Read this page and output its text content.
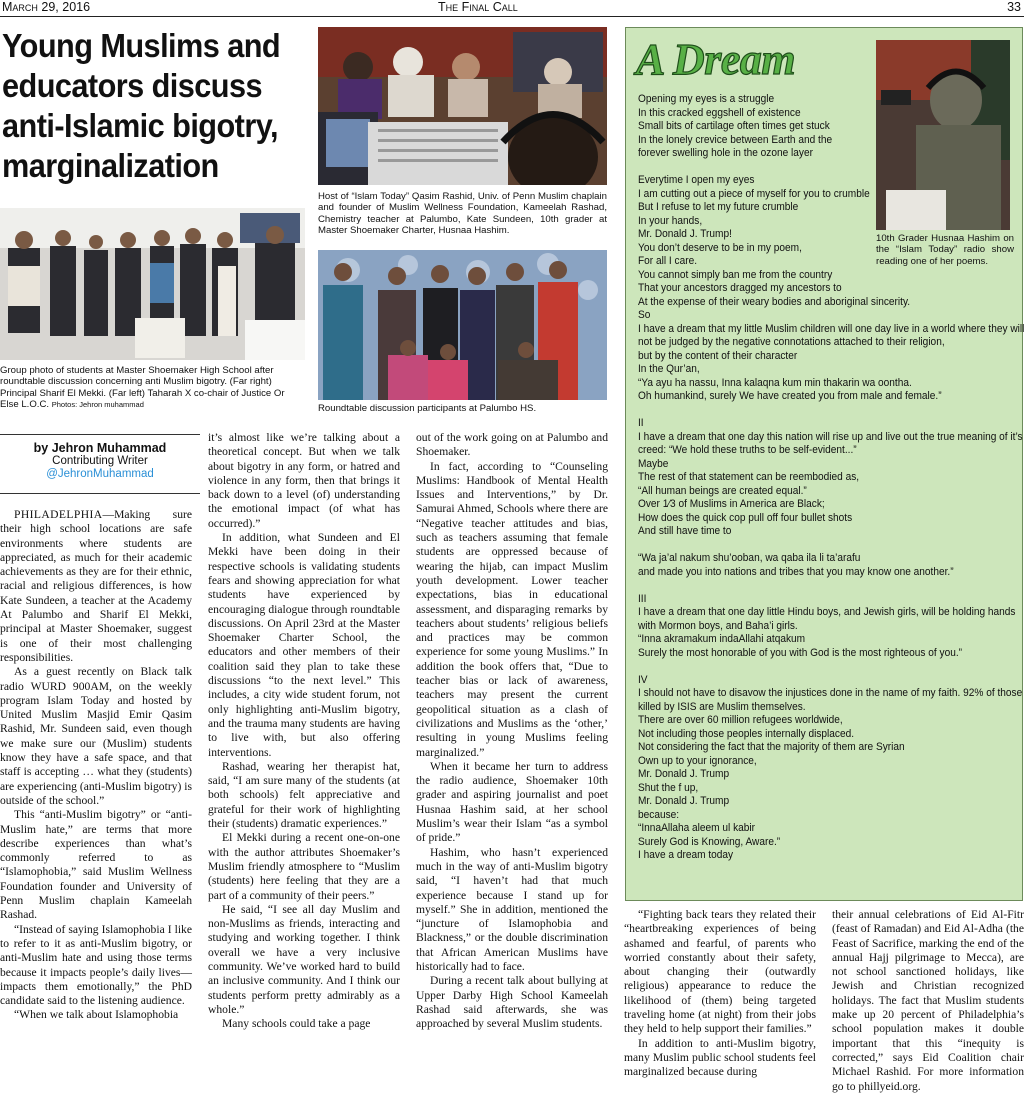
March 29, 2016	The Final Call	33
Young Muslims and
educators discuss
anti-Islamic bigotry,
marginalization
Host of “Islam Today” Qasim Rashid, Univ. of Penn Muslim chaplain and founder of Muslim Wellness Foundation, Kameelah Rashad, Chemistry teacher at Palumbo, Kate Sundeen, 10th grader at Master Shoemaker Charter, Husnaa Hashim.
Group photo of students at Master Shoemaker High School after roundtable discussion concerning anti Muslim bigotry. (Far right) Principal Sharif El Mekki. (Far left) Taharah X co-chair of Justice Or Else L.O.C. Photos: Jehron muhammad	Roundtable discussion participants at Palumbo HS.
by Jehron Muhammad
Contributing Writer
@JehronMuhammad

PHILADELPHIA—Making sure their high school locations are safe environments where students are appreciated, as much for their academic achievements as they are for their ethnic, racial and religious differences, is how Kate Sundeen, a teacher at the Academy At Palumbo and Sharif El Mekki, principal at Master Shoemaker, suggest is one of their most challenging responsibilities.

As a guest recently on Black talk radio WURD 900AM, on the weekly program Islam Today and hosted by United Muslim Masjid Emir Qasim Rashid, Mr. Sundeen said, even though we make sure our (Muslim) students know they have a safe space, and that staff is accepting … what they (students) are experiencing (anti-Muslim bigotry) is outside of the school.”

This “anti-Muslim bigotry” or “anti-Muslim hate,” are terms that more describe experiences than what’s commonly referred to as “Islamophobia,” said Muslim Wellness Foundation founder and University of Penn Muslim chaplain Kameelah Rashad.

“Instead of saying Islamophobia I like to refer to it as anti-Muslim bigotry, or anti-Muslim hate and using those terms because it impacts people’s daily lives— impacts them emotionally,” the PhD candidate said to the listening audience.

“When we talk about Islamophobia

it’s almost like we’re talking about a theoretical concept. But when we talk about bigotry in any form, or hatred and violence in any form, then that brings it back down to a level (of) understanding the emotional impact (of what has occurred).”

In addition, what Sundeen and El Mekki have been doing in their respective schools is validating students fears and showing appreciation for what students have experienced by encouraging dialogue through roundtable discussions. On April 23rd at the Master Shoemaker Charter School, the educators and other members of their coalition said they plan to take these discussions “to the next level.” This includes, a city wide student forum, not only highlighting anti-Muslim bigotry, and the trauma many students are having to live with, but also offering interventions.

Rashad, wearing her therapist hat, said, “I am sure many of the students (at both schools) felt appreciative and grateful for their work of highlighting their (students) dramatic experiences.”

El Mekki during a recent one-on-one with the author attributes Shoemaker’s Muslim friendly atmosphere to “Muslim (students) here feeling that they are a part of a community of their peers.”

He said, “I see all day Muslim and non-Muslims as friends, interacting and studying and working together. I think overall we have a very inclusive community. We’ve worked hard to build an inclusive community. And I think our students perform pretty admirably as a whole.”

Many schools could take a page

out of the work going on at Palumbo and Shoemaker.

In fact, according to “Counseling Muslims: Handbook of Mental Health Issues and Interventions,” by Dr. Samurai Ahmed, Schools where there are “Negative teacher attitudes and bias, such as teachers assuming that female students are oppressed because of wearing the hijab, can impact Muslim youth development. Lower teacher expectations, bias in educational assessment, and disparaging remarks by teachers about students’ religious beliefs and practices may be common experience for some young Muslims.” In addition the book offers that, “Due to teacher bias or lack of awareness, teachers may present the current geopolitical situation as a clash of civilizations and Muslims as the ‘other,’ resulting in young Muslims feeling marginalized.”

When it became her turn to address the radio audience, Shoemaker 10th grader and aspiring journalist and poet Husnaa Hashim said, at her school Muslim’s wear their Islam “as a symbol of pride.”

Hashim, who hasn’t experienced much in the way of anti-Muslim bigotry said, “I haven’t had that much experience because I stand up for myself.” She in addition, mentioned the “juncture of Islamophobia and Blackness,” or the double discrimination that African American Muslims have historically had to face.

During a recent talk about bullying at Upper Darby High School Kameelah Rashad said afterwards, she was approached by several Muslim students.

“Fighting back tears they related their “heartbreaking experiences of being ashamed and fearful, of parents who worried constantly about their safety, about changing their (outwardly religious) appearance to reduce the likelihood of (them) being targeted traveling home (at night) from their jobs they held to help support their families.”

In addition to anti-Muslim bigotry, many Muslim public school students feel marginalized because during

their annual celebrations of Eid Al-Fitr (feast of Ramadan) and Eid Al-Adha (the Feast of Sacrifice, marking the end of the annual Hajj pilgrimage to Mecca), are not school sanctioned holidays, like Jewish and Christian recognized holidays. The fact that Muslim students make up 20 percent of Philadelphia’s school population makes it double important that this “inequity is corrected,” says Eid Coalition chair Michael Rashid. For more information go to phillyeid.org.

A Dream
10th Grader Husnaa Hashim on the “Islam Today” radio show reading one of her poems.
Opening my eyes is a struggle
In this cracked eggshell of existence
Small bits of cartilage often times get stuck
In the lonely crevice between Earth and the
forever swelling hole in the ozone layer

Everytime I open my eyes
I am cutting out a piece of myself for you to crumble
But I refuse to let my future crumble
In your hands,
Mr. Donald J. Trump!
You don’t deserve to be in my poem,
For all I care.
You cannot simply ban me from the country
That your ancestors dragged my ancestors to
At the expense of their weary bodies and aboriginal sincerity.
So
I have a dream that my little Muslim children will one day live in a world where they will
not be judged by the negative connotations attached to their religion,
but by the content of their character
In the Qur’an,
“Ya ayu ha nassu, Inna kalaqna kum min thakarin wa oontha.
Oh humankind, surely We have created you from male and female.”

II
I have a dream that one day this nation will rise up and live out the true meaning of it’s
creed: “We hold these truths to be self-evident...”
Maybe
The rest of that statement can be reembodied as,
“All human beings are created equal.”
Over 1⁄3 of Muslims in America are Black;
How does the quick cop pull off four bullet shots
And still have time to

“Wa ja’al nakum shu’ooban, wa qaba ila li ta’arafu
and made you into nations and tribes that you may know one another.”

III
I have a dream that one day little Hindu boys, and Jewish girls, will be holding hands
with Mormon boys, and Baha’i girls.
“Inna akramakum indaAllahi atqakum
Surely the most honorable of you with God is the most righteous of you.”

IV
I should not have to disavow the injustices done in the name of my faith. 92% of those
killed by ISIS are Muslim themselves.
There are over 60 million refugees worldwide,
Not including those peoples internally displaced.
Not considering the fact that the majority of them are Syrian
Own up to your ignorance,
Mr. Donald J. Trump
Shut the f up,
Mr. Donald J. Trump
because:
“InnaAllaha aleem ul kabir
Surely God is Knowing, Aware.”
I have a dream today
